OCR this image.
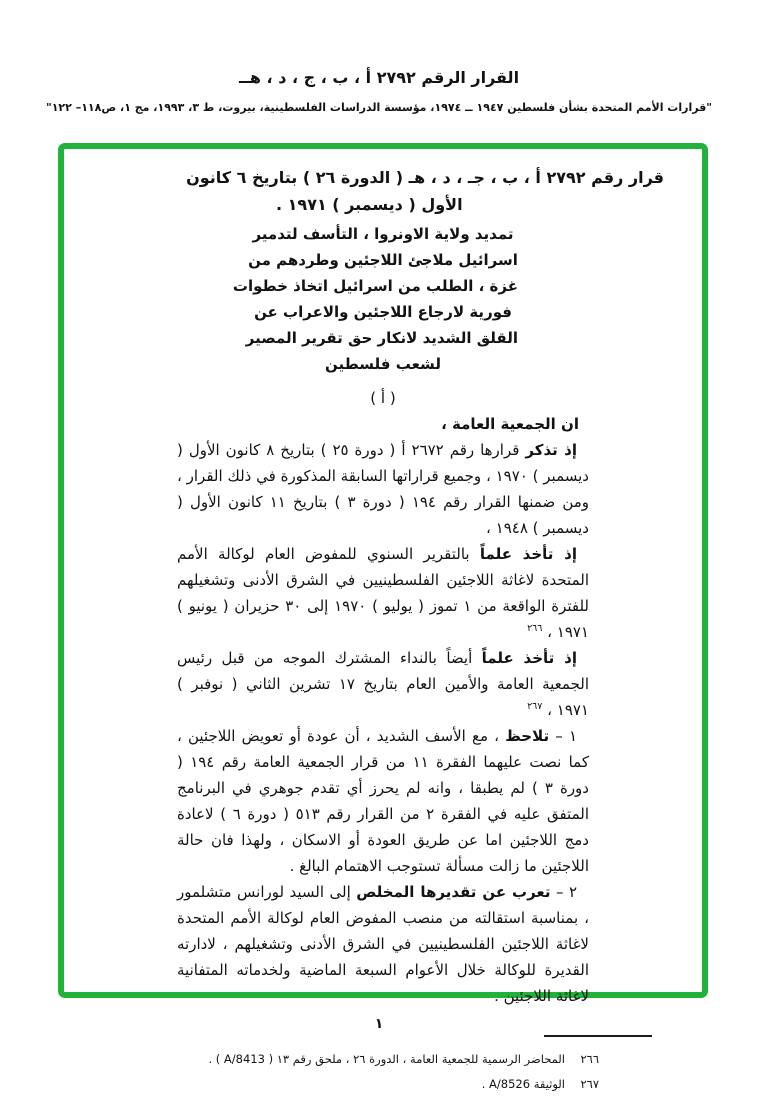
القرار الرقم ٢٧٩٢ أ ، ب ، ج ، د ، هــ
"قرارات الأمم المتحدة بشأن فلسطين ١٩٤٧ ــ ١٩٧٤، مؤسسة الدراسات الفلسطينية، بيروت، ط ٣، ١٩٩٣، مج ١، ص١١٨– ١٢٢"
قرار رقم ٢٧٩٢ أ ، ب ، جـ ، د ، هـ ( الدورة ٢٦ ) بتاريخ ٦ كانون
الأول ( ديسمبر ) ١٩٧١ .
تمديد ولاية الاونروا ، التأسف لتدمير
اسرائيل ملاجئ اللاجئين وطردهم من
غزة ، الطلب من اسرائيل اتخاذ خطوات
فورية لارجاع اللاجئين والاعراب عن
القلق الشديد لانكار حق تقرير المصير
لشعب فلسطين
( أ )

ان الجمعية العامة ،

إذ تذكر قرارها رقم ٢٦٧٢ أ ( دورة ٢٥ ) بتاريخ ٨ كانون الأول ( ديسمبر ) ١٩٧٠ ، وجميع قراراتها السابقة المذكورة في ذلك القرار ، ومن ضمنها القرار رقم ١٩٤ ( دورة ٣ ) بتاريخ ١١ كانون الأول ( ديسمبر ) ١٩٤٨ ،

إذ تأخذ علماً بالتقرير السنوي للمفوض العام لوكالة الأمم المتحدة لاغاثة اللاجئين الفلسطينيين في الشرق الأدنى وتشغيلهم للفترة الواقعة من ١ تموز ( يوليو ) ١٩٧٠ إلى ٣٠ حزيران ( يونيو ) ١٩٧١ ، $^{٢٦٦}$

إذ تأخذ علماً أيضاً بالنداء المشترك الموجه من قبل رئيس الجمعية العامة والأمين العام بتاريخ ١٧ تشرين الثاني ( نوفبر ) ١٩٧١ ، $^{٢٦٧}$

١ – تلاحظ ، مع الأسف الشديد ، أن عودة أو تعويض اللاجئين ، كما نصت عليهما الفقرة ١١ من قرار الجمعية العامة رقم ١٩٤ ( دورة ٣ ) لم يطبقا ، وانه لم يحرز أي تقدم جوهري في البرنامج المتفق عليه في الفقرة ٢ من القرار رقم ٥١٣ ( دورة ٦ ) لاعادة دمج اللاجئين اما عن طريق العودة أو الاسكان ، ولهذا فان حالة اللاجئين ما زالت مسألة تستوجب الاهتمام البالغ .

٢ – تعرب عن تقديرها المخلص إلى السيد لورانس متشلمور ، بمناسبة استقالته من منصب المفوض العام لوكالة الأمم المتحدة لاغاثة اللاجئين الفلسطينيين في الشرق الأدنى وتشغيلهم ، لادارته القديرة للوكالة خلال الأعوام السبعة الماضية ولخدماته المتفانية لاغاثة اللاجئين .

٢٦٦
المحاضر الرسمية للجمعية العامة ، الدورة ٢٦ ، ملحق رقم ١٣ ( A/8413 ) .
٢٦٧
الوثيقة A/8526 .
١
